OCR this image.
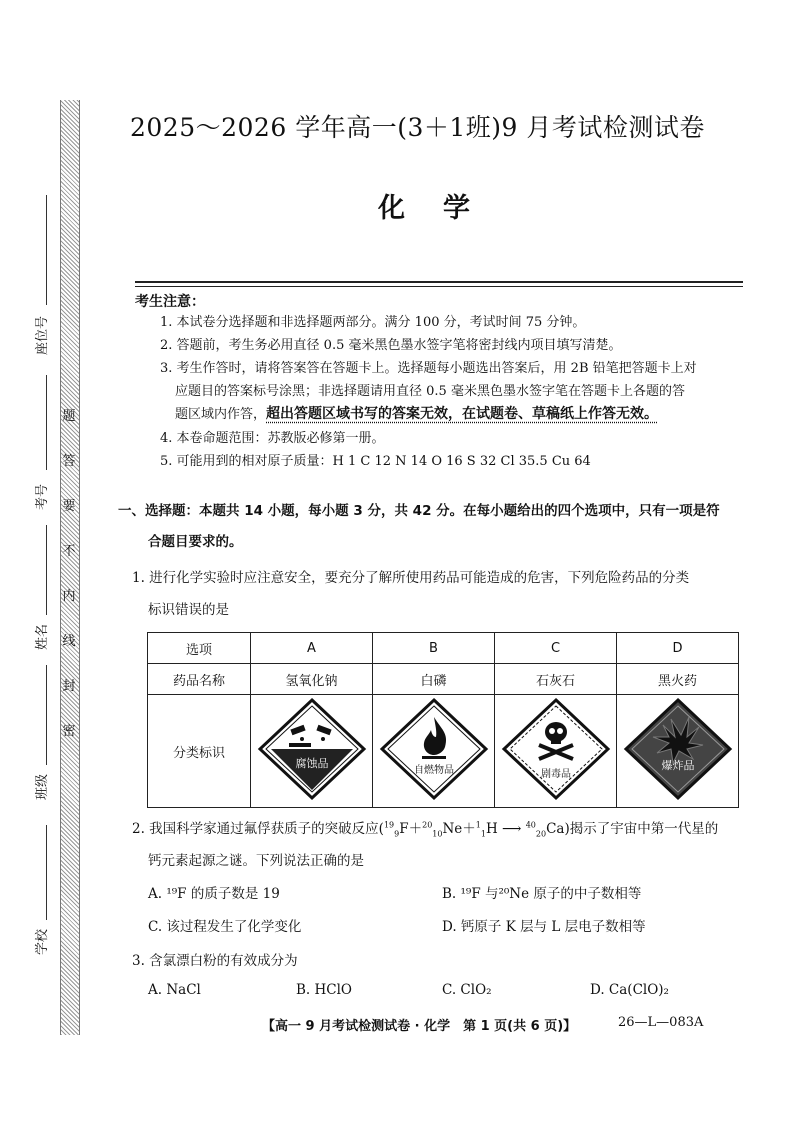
题
答
要
不
内
线
封
密
座位号
考号
姓名
班级
学校
2025～2026 学年高一(3＋1班)9 月考试检测试卷
化学
考生注意：
1. 本试卷分选择题和非选择题两部分。满分 100 分，考试时间 75 分钟。
2. 答题前，考生务必用直径 0.5 毫米黑色墨水签字笔将密封线内项目填写清楚。
3. 考生作答时，请将答案答在答题卡上。选择题每小题选出答案后，用 2B 铅笔把答题卡上对
应题目的答案标号涂黑；非选择题请用直径 0.5 毫米黑色墨水签字笔在答题卡上各题的答
题区域内作答，超出答题区域书写的答案无效，在试题卷、草稿纸上作答无效。
4. 本卷命题范围：苏教版必修第一册。
5. 可能用到的相对原子质量：H 1 C 12 N 14 O 16 S 32 Cl 35.5 Cu 64
一、选择题：本题共 14 小题，每小题 3 分，共 42 分。在每小题给出的四个选项中，只有一项是符
合题目要求的。
1. 进行化学实验时应注意安全，要充分了解所使用药品可能造成的危害，下列危险药品的分类
标识错误的是
选项	A	B	C	D
药品名称	氢氧化钠	白磷	石灰石	黑火药
分类标识	腐蚀品	自燃物品	剧毒品	爆炸品
2. 我国科学家通过氟俘获质子的突破反应($^{19}_9$F＋$^{20}_{10}$Ne＋$^1_1$H ⟶ $^{40}_{20}$Ca)揭示了宇宙中第一代星的
钙元素起源之谜。下列说法正确的是
A. ¹⁹F 的质子数是 19	B. ¹⁹F 与²⁰Ne 原子的中子数相等
C. 该过程发生了化学变化	D. 钙原子 K 层与 L 层电子数相等
3. 含氯漂白粉的有效成分为
A. NaCl	B. HClO	C. ClO₂	D. Ca(ClO)₂
【高一 9 月考试检测试卷 · 化学　第 1 页(共 6 页)】	26—L—083A
